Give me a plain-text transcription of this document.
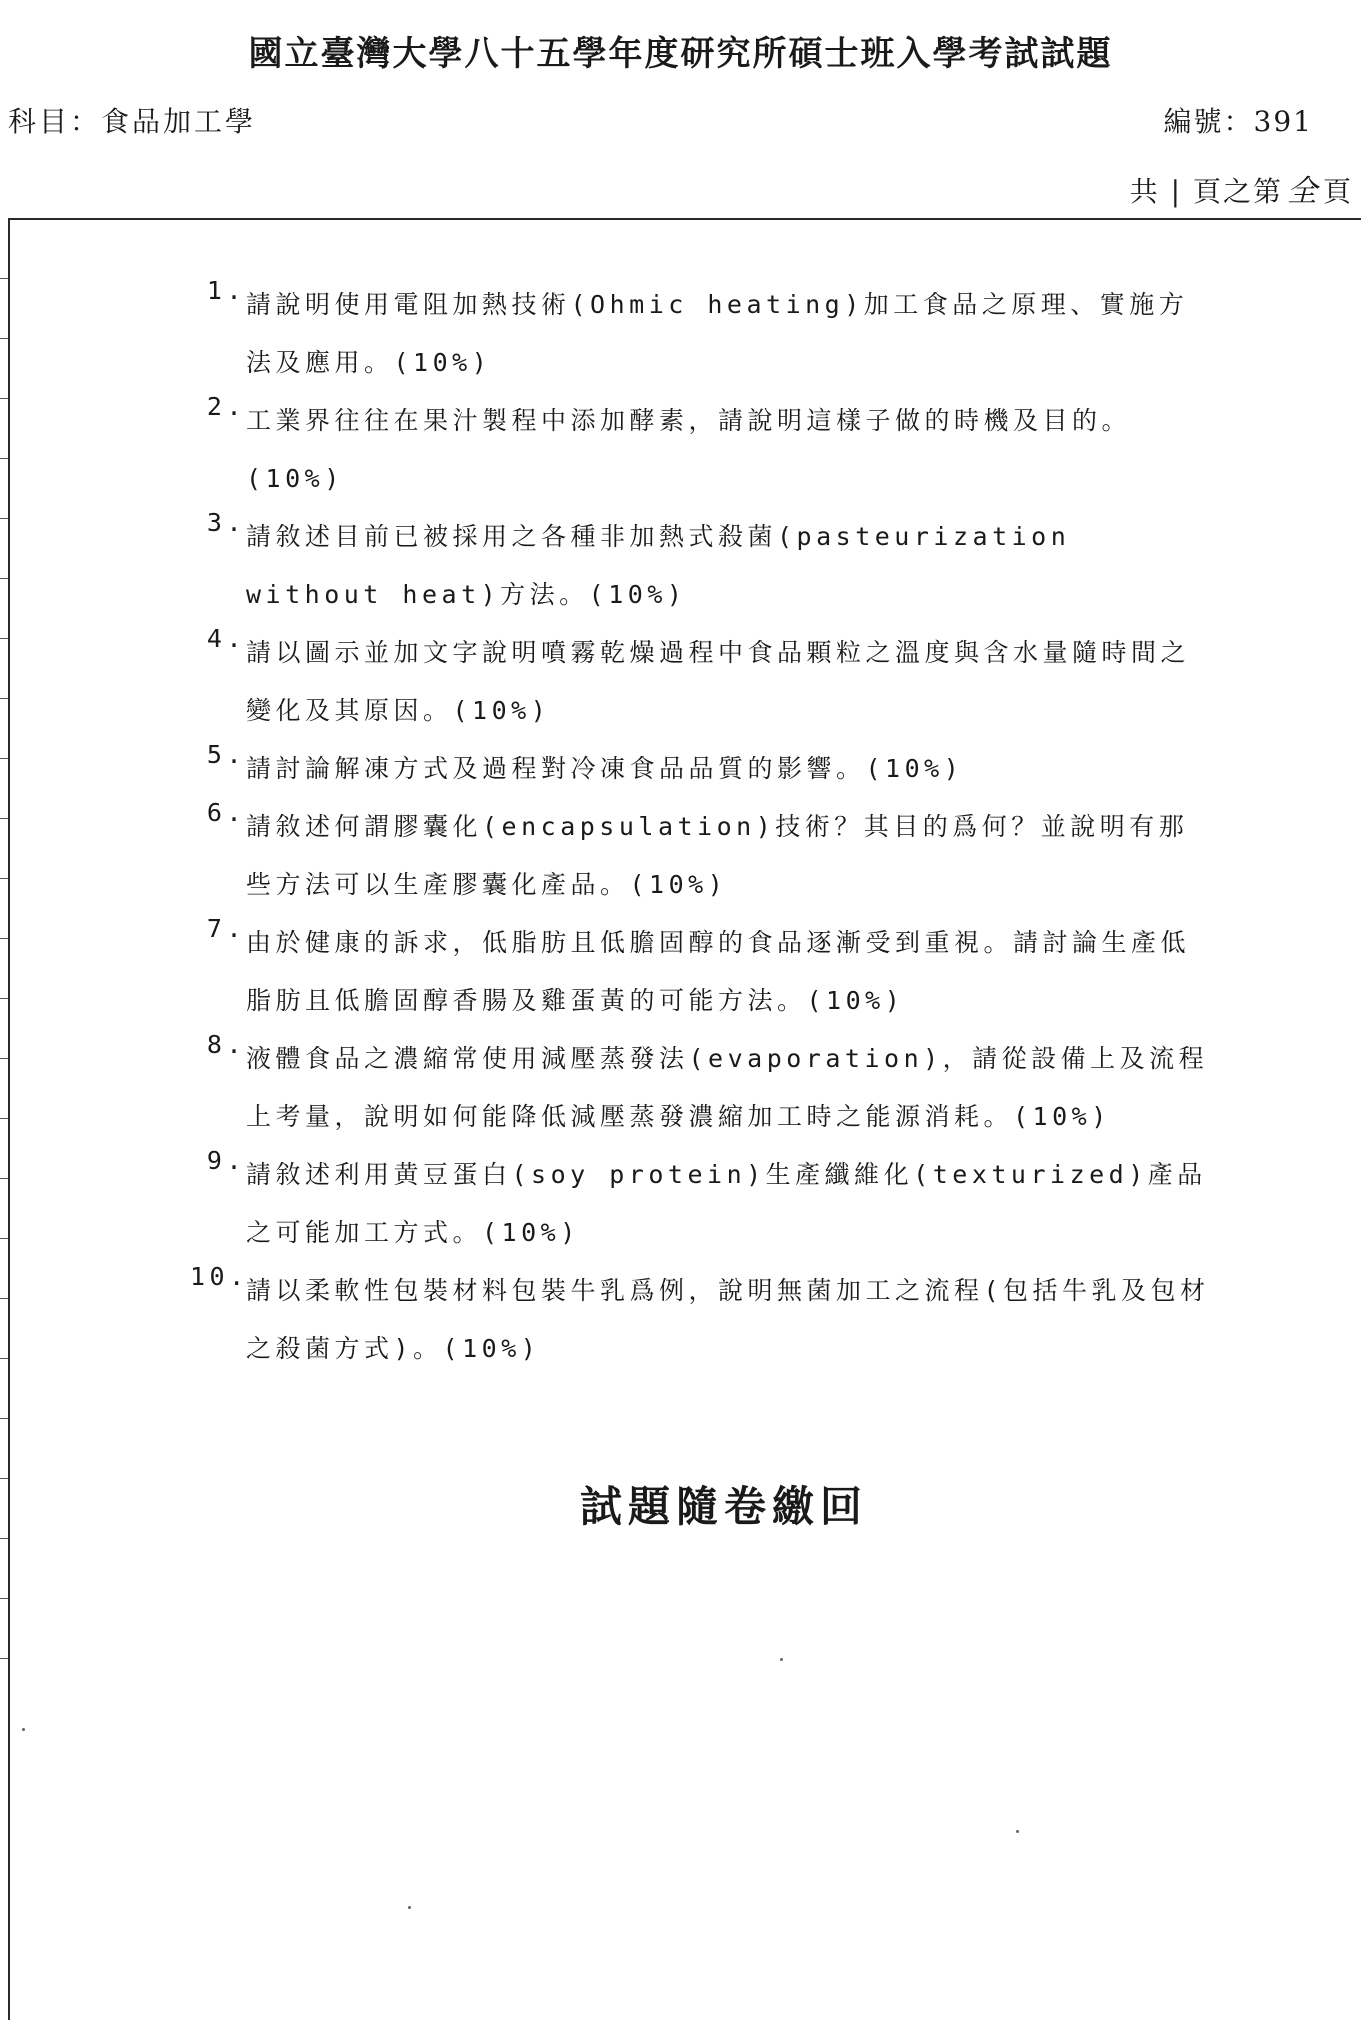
國立臺灣大學八十五學年度研究所碩士班入學考試試題
科目：食品加工學	編號：391
共 | 頁之第 全 頁
1. 請說明使用電阻加熱技術(Ohmic heating)加工食品之原理、實施方法及應用。(10%)
2. 工業界往往在果汁製程中添加酵素，請說明這樣子做的時機及目的。(10%)
3. 請敘述目前已被採用之各種非加熱式殺菌(pasteurization without heat)方法。(10%)
4. 請以圖示並加文字說明噴霧乾燥過程中食品顆粒之溫度與含水量隨時間之變化及其原因。(10%)
5. 請討論解凍方式及過程對冷凍食品品質的影響。(10%)
6. 請敘述何謂膠囊化(encapsulation)技術？其目的爲何？並說明有那些方法可以生產膠囊化產品。(10%)
7. 由於健康的訴求，低脂肪且低膽固醇的食品逐漸受到重視。請討論生產低脂肪且低膽固醇香腸及雞蛋黃的可能方法。(10%)
8. 液體食品之濃縮常使用減壓蒸發法(evaporation)，請從設備上及流程上考量，說明如何能降低減壓蒸發濃縮加工時之能源消耗。(10%)
9. 請敘述利用黄豆蛋白(soy protein)生產纖維化(texturized)產品之可能加工方式。(10%)
10.
請以柔軟性包裝材料包裝牛乳爲例，說明無菌加工之流程(包括牛乳及包材之殺菌方式)。(10%)
試題隨卷繳回
